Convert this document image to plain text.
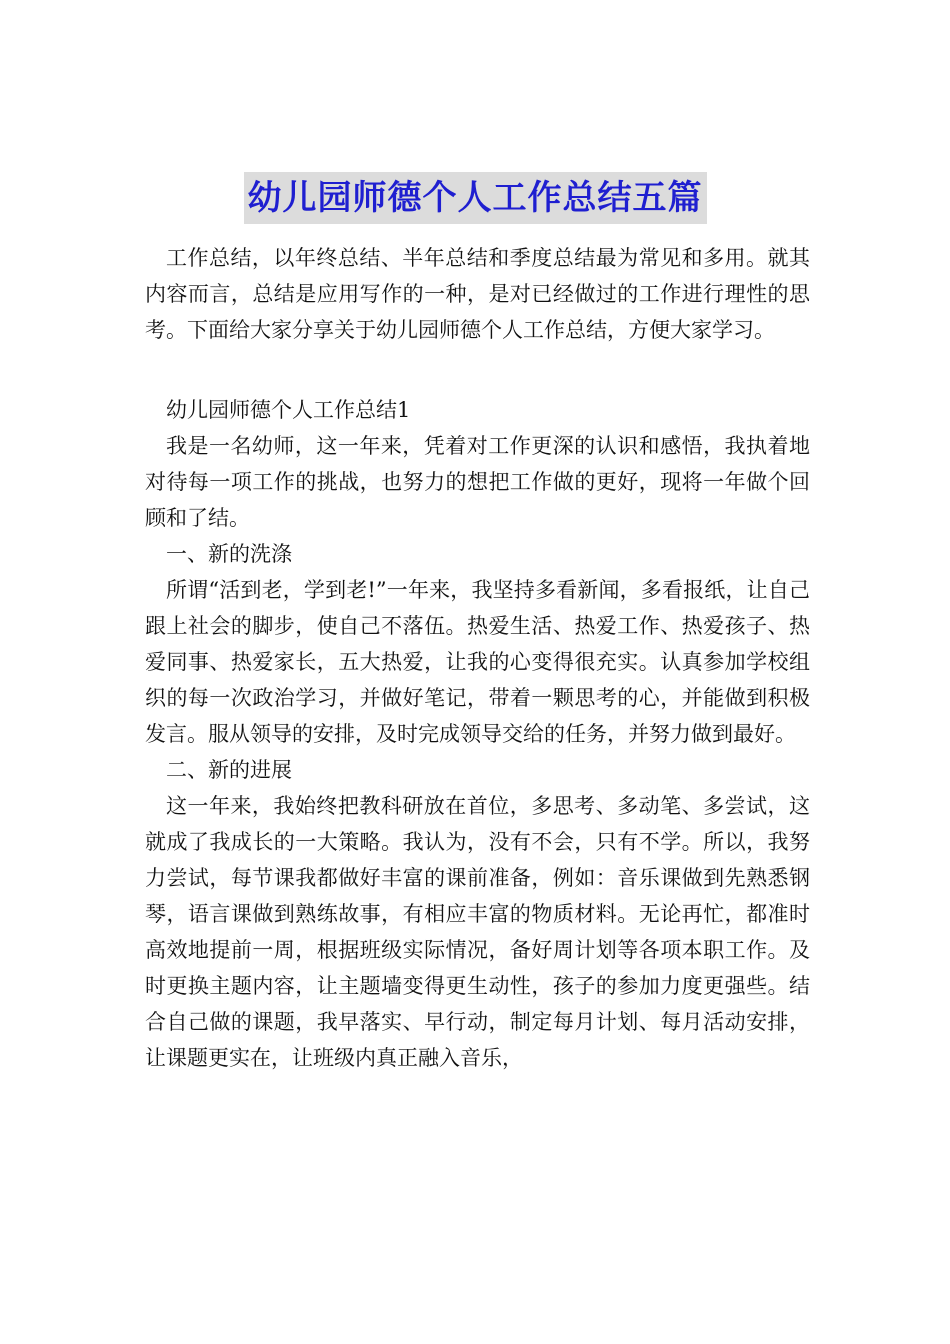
幼儿园师德个人工作总结五篇

工作总结，以年终总结、半年总结和季度总结最为常见和多用。就其内容而言，总结是应用写作的一种，是对已经做过的工作进行理性的思考。下面给大家分享关于幼儿园师德个人工作总结，方便大家学习。

幼儿园师德个人工作总结1

我是一名幼师，这一年来，凭着对工作更深的认识和感悟，我执着地对待每一项工作的挑战，也努力的想把工作做的更好，现将一年做个回顾和了结。

一、新的洗涤

所谓“活到老，学到老!”一年来，我坚持多看新闻，多看报纸，让自己跟上社会的脚步，使自己不落伍。热爱生活、热爱工作、热爱孩子、热爱同事、热爱家长，五大热爱，让我的心变得很充实。认真参加学校组织的每一次政治学习，并做好笔记，带着一颗思考的心，并能做到积极发言。服从领导的安排，及时完成领导交给的任务，并努力做到最好。

二、新的进展

这一年来，我始终把教科研放在首位，多思考、多动笔、多尝试，这就成了我成长的一大策略。我认为，没有不会，只有不学。所以，我努力尝试，每节课我都做好丰富的课前准备，例如：音乐课做到先熟悉钢琴，语言课做到熟练故事，有相应丰富的物质材料。无论再忙，都准时高效地提前一周，根据班级实际情况，备好周计划等各项本职工作。及时更换主题内容，让主题墙变得更生动性，孩子的参加力度更强些。结合自己做的课题，我早落实、早行动，制定每月计划、每月活动安排，让课题更实在，让班级内真正融入音乐，
